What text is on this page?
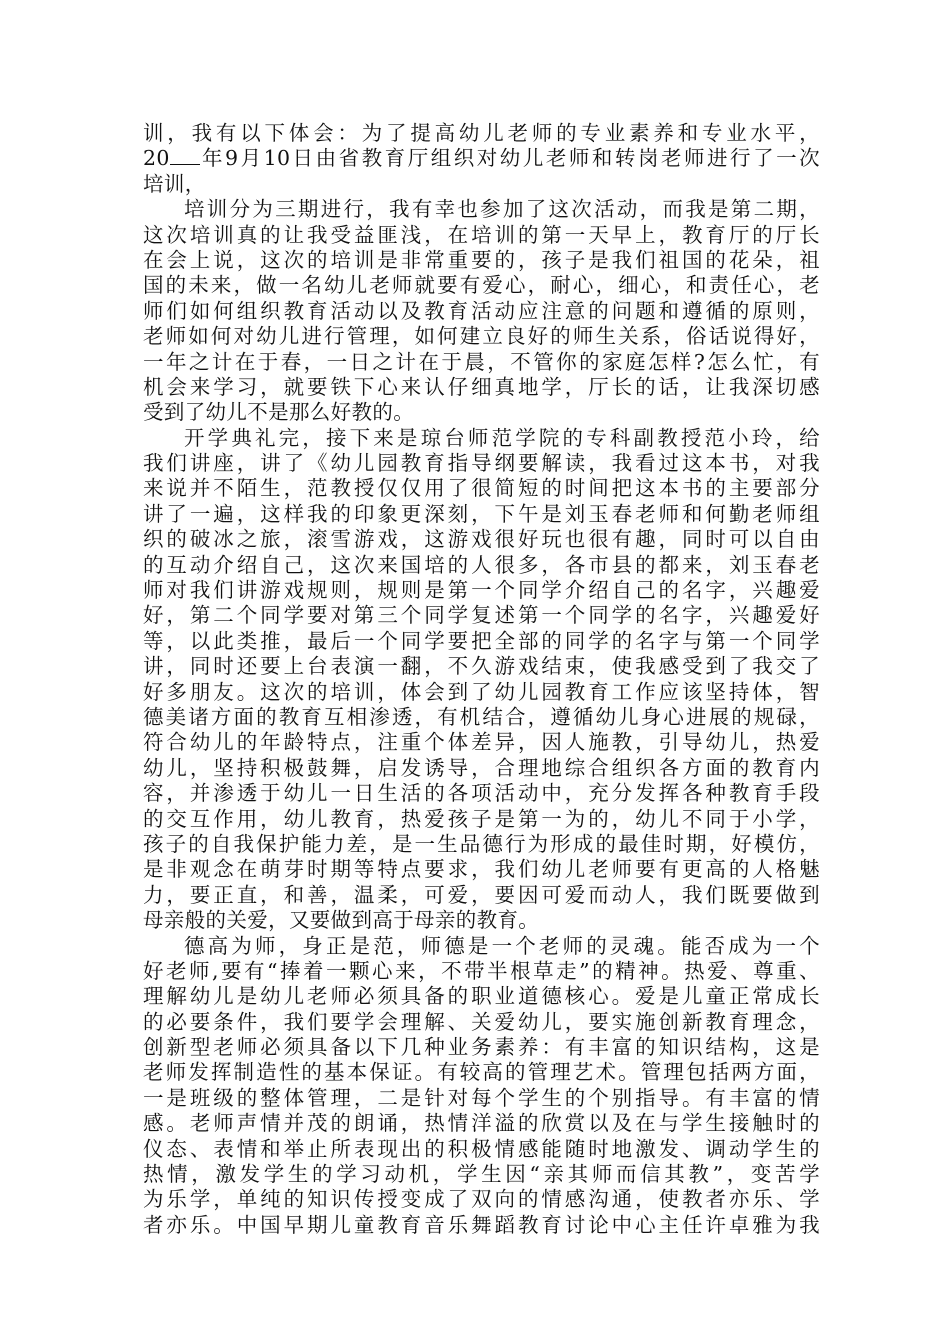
训，我有以下体会：为了提高幼儿老师的专业素养和专业水平，
20 年9月10日由省教育厅组织对幼儿老师和转岗老师进行了一次
培训，
培训分为三期进行，我有幸也参加了这次活动，而我是第二期，
这次培训真的让我受益匪浅，在培训的第一天早上，教育厅的厅长
在会上说，这次的培训是非常重要的，孩子是我们祖国的花朵，祖
国的未来，做一名幼儿老师就要有爱心，耐心，细心，和责任心，老
师们如何组织教育活动以及教育活动应注意的问题和遵循的原则，
老师如何对幼儿进行管理，如何建立良好的师生关系，俗话说得好，
一年之计在于春，一日之计在于晨，不管你的家庭怎样?怎么忙，有
机会来学习，就要铁下心来认仔细真地学，厅长的话，让我深切感
受到了幼儿不是那么好教的。
开学典礼完，接下来是琼台师范学院的专科副教授范小玲，给
我们讲座，讲了《幼儿园教育指导纲要解读，我看过这本书，对我
来说并不陌生，范教授仅仅用了很简短的时间把这本书的主要部分
讲了一遍，这样我的印象更深刻，下午是刘玉春老师和何勤老师组
织的破冰之旅，滚雪游戏，这游戏很好玩也很有趣，同时可以自由
的互动介绍自己，这次来国培的人很多，各市县的都来，刘玉春老
师对我们讲游戏规则，规则是第一个同学介绍自己的名字，兴趣爱
好，第二个同学要对第三个同学复述第一个同学的名字，兴趣爱好
等，以此类推，最后一个同学要把全部的同学的名字与第一个同学
讲，同时还要上台表演一翻，不久游戏结束，使我感受到了我交了
好多朋友。这次的培训，体会到了幼儿园教育工作应该坚持体，智
德美诸方面的教育互相渗透，有机结合，遵循幼儿身心进展的规碌，
符合幼儿的年龄特点，注重个体差异，因人施教，引导幼儿，热爱
幼儿，坚持积极鼓舞，启发诱导，合理地综合组织各方面的教育内
容，并渗透于幼儿一日生活的各项活动中，充分发挥各种教育手段
的交互作用，幼儿教育，热爱孩子是第一为的，幼儿不同于小学，
孩子的自我保护能力差，是一生品德行为形成的最佳时期，好模仿，
是非观念在萌芽时期等特点要求，我们幼儿老师要有更高的人格魅
力，要正直，和善，温柔，可爱，要因可爱而动人，我们既要做到
母亲般的关爱，又要做到高于母亲的教育。
德高为师，身正是范，师德是一个老师的灵魂。能否成为一个
好老师,要有“捧着一颗心来，不带半根草走”的精神。热爱、尊重、
理解幼儿是幼儿老师必须具备的职业道德核心。爱是儿童正常成长
的必要条件，我们要学会理解、关爱幼儿，要实施创新教育理念，
创新型老师必须具备以下几种业务素养：有丰富的知识结构，这是
老师发挥制造性的基本保证。有较高的管理艺术。管理包括两方面，
一是班级的整体管理，二是针对每个学生的个别指导。有丰富的情
感。老师声情并茂的朗诵，热情洋溢的欣赏以及在与学生接触时的
仪态、表情和举止所表现出的积极情感能随时地激发、调动学生的
热情，激发学生的学习动机，学生因“亲其师而信其教”，变苦学
为乐学，单纯的知识传授变成了双向的情感沟通，使教者亦乐、学
者亦乐。中国早期儿童教育音乐舞蹈教育讨论中心主任许卓雅为我
